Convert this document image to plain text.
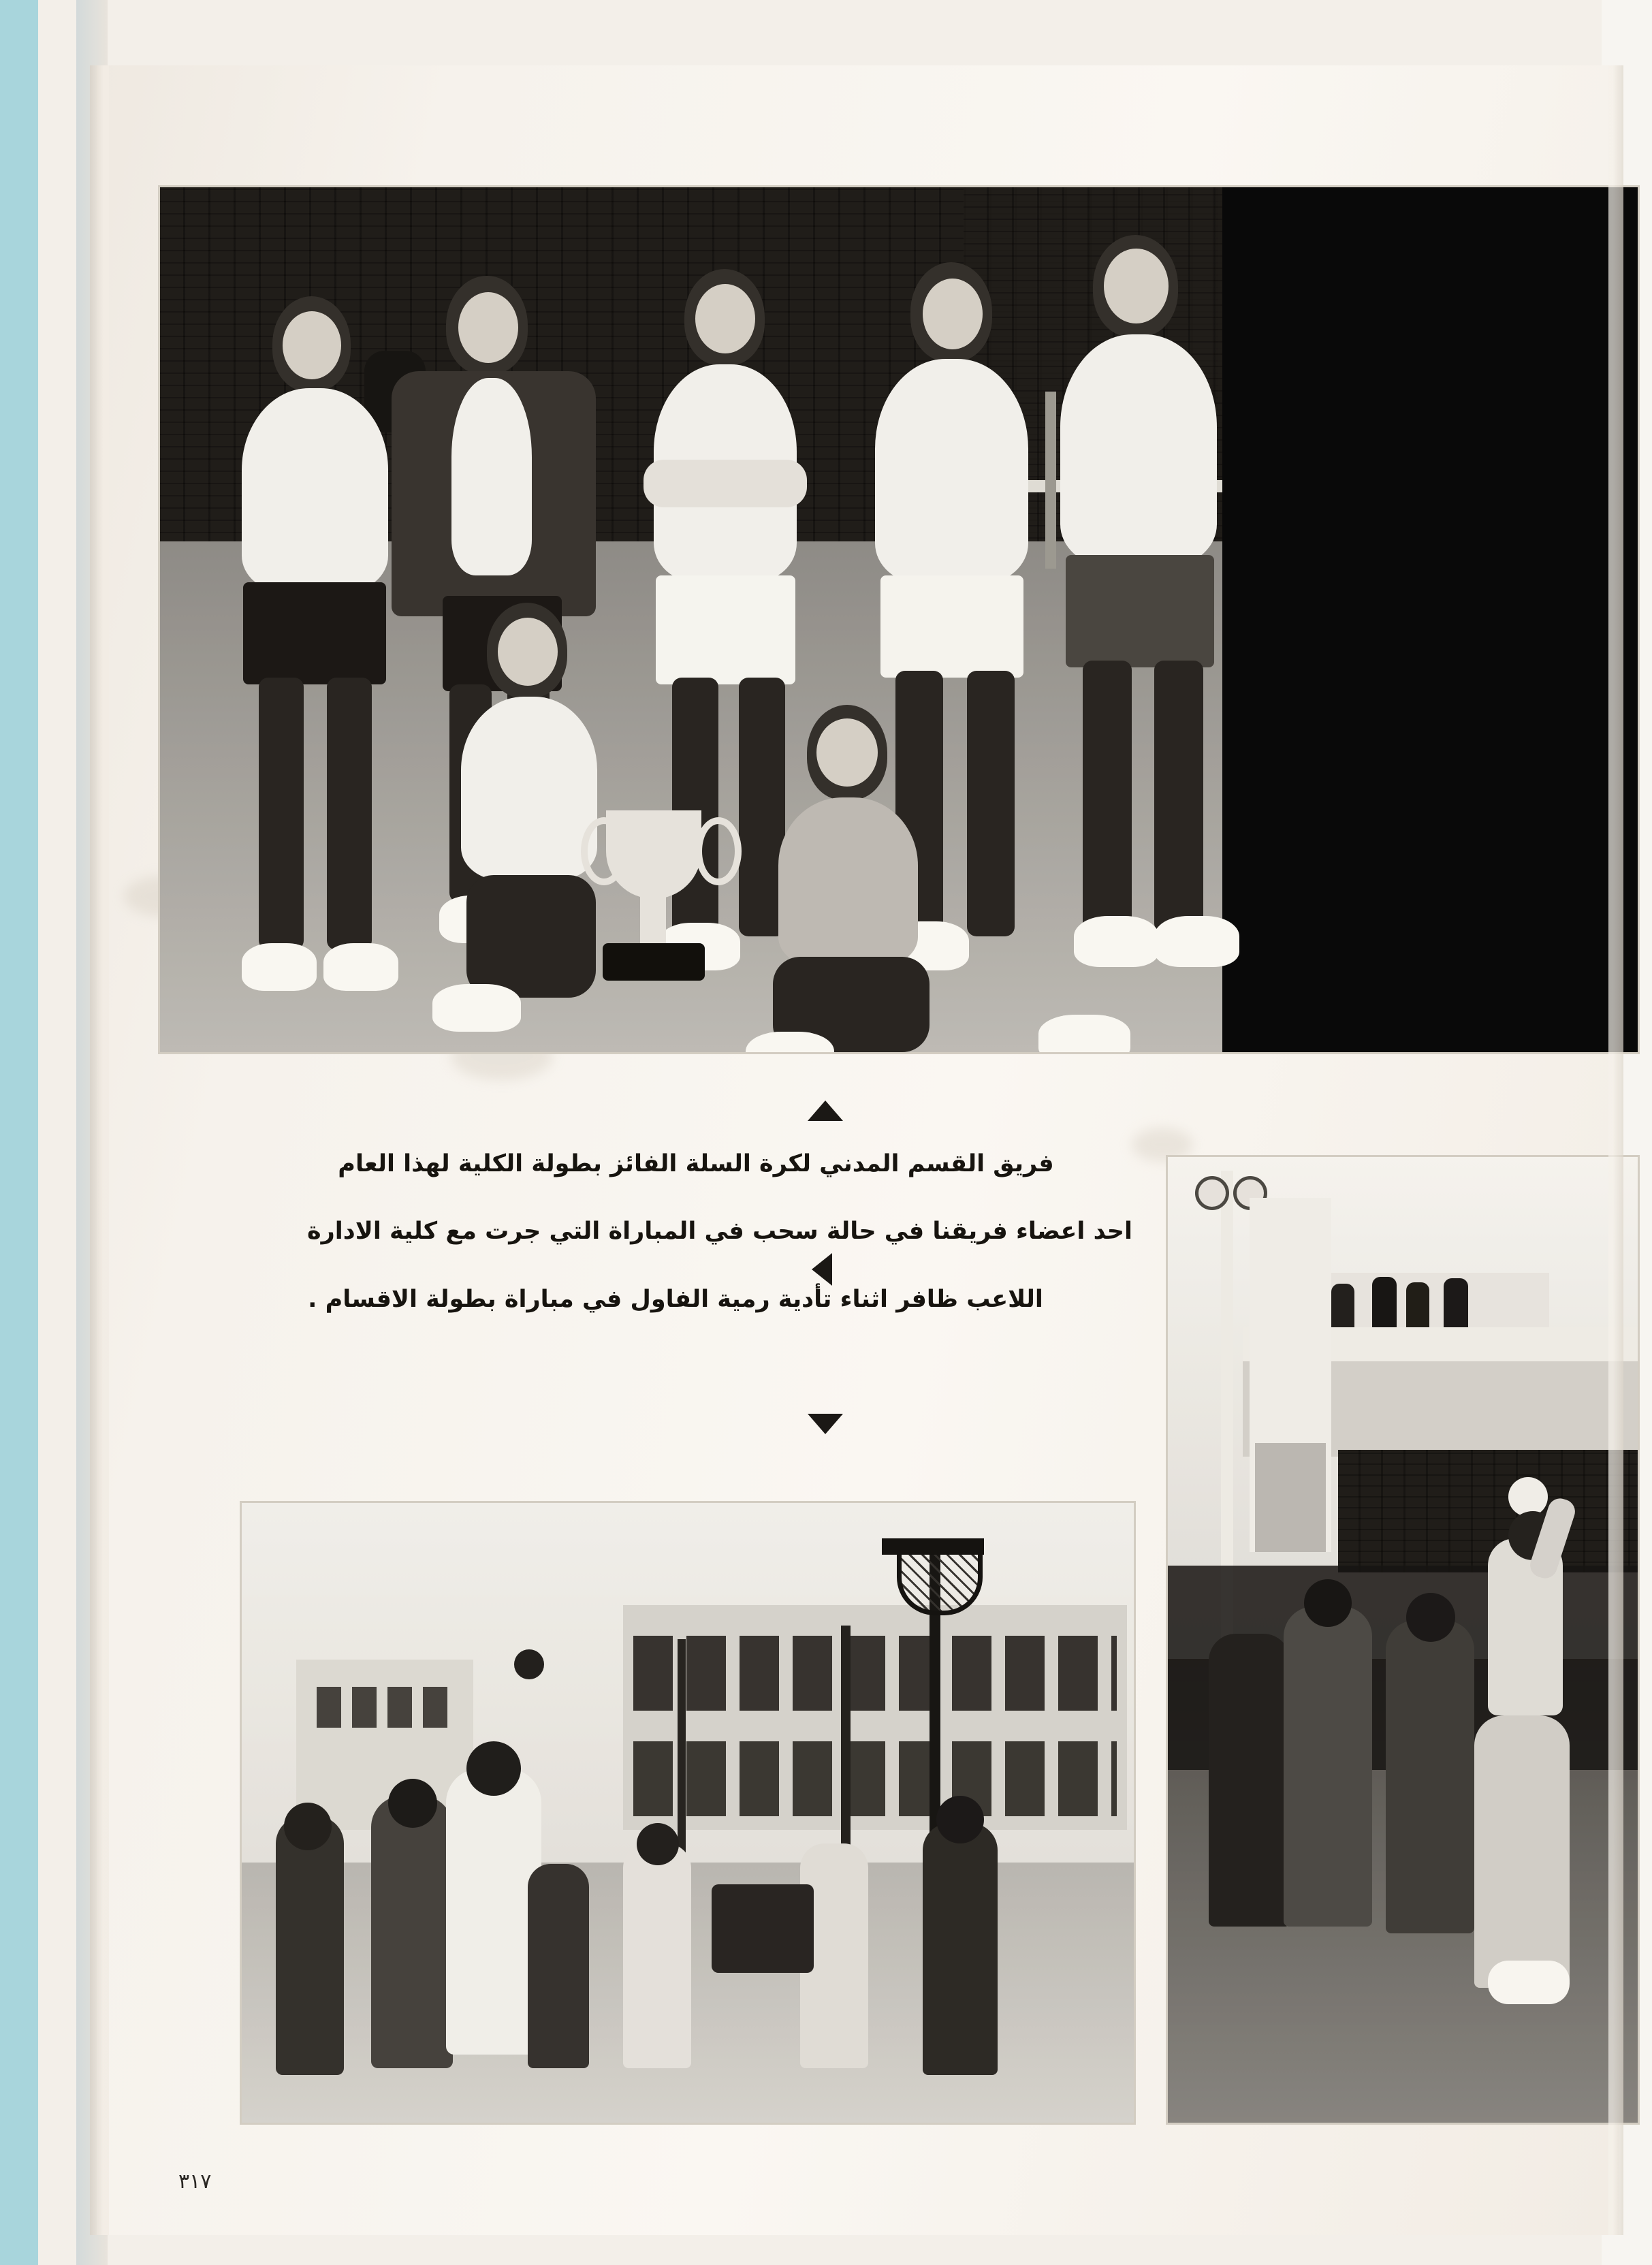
فريق القسم المدني لكرة السلة الفائز بطولة الكلية لهذا العام

احد اعضاء فريقنا في حالة سحب في المباراة التي جرت مع كلية الادارة

اللاعب ظافر اثناء تأدية رمية الفاول في مباراة بطولة الاقسام .

٣١٧
